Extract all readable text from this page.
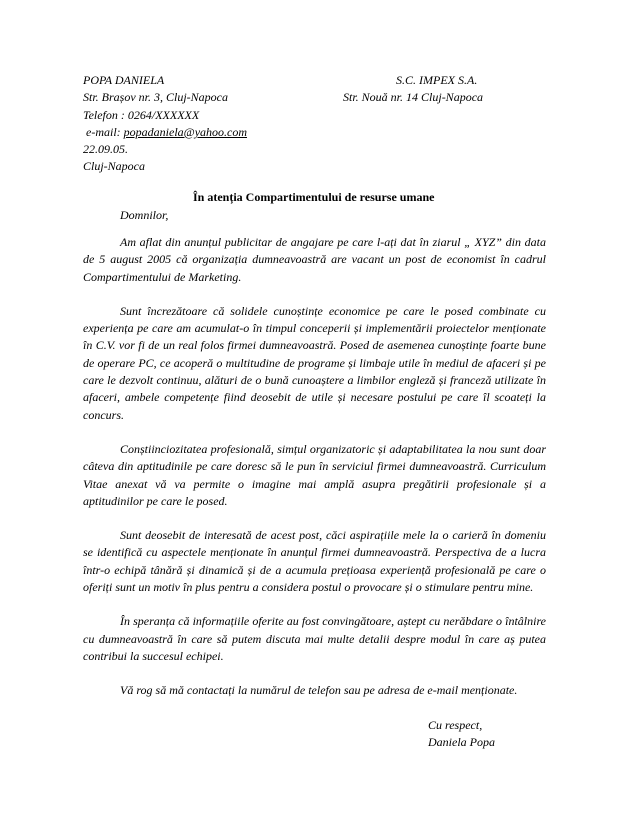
POPA DANIELA
Str. Brașov nr. 3, Cluj-Napoca
Telefon : 0264/XXXXXX
e-mail: popadaniela@yahoo.com
22.09.05.
Cluj-Napoca
S.C. IMPEX S.A.
Str. Nouă nr. 14 Cluj-Napoca
În atenția Compartimentului de resurse umane
Domnilor,

Am aflat din anunțul publicitar de angajare pe care l-ați dat în ziarul „ XYZ” din data de 5 august 2005 că organizația dumneavoastră are vacant un post de economist în cadrul Compartimentului de Marketing.

Sunt încrezătoare că solidele cunoștințe economice pe care le posed combinate cu experiența pe care am acumulat-o în timpul conceperii și implementării proiectelor menționate în C.V. vor fi de un real folos firmei dumneavoastră. Posed de asemenea cunoștințe foarte bune de operare PC, ce acoperă o multitudine de programe și limbaje utile în mediul de afaceri și pe care le dezvolt continuu, alături de o bună cunoaștere a limbilor engleză și franceză utilizate în afaceri, ambele competențe fiind deosebit de utile și necesare postului pe care îl scoateți la concurs.

Conștiinciozitatea profesională, simțul organizatoric și adaptabilitatea la nou sunt doar câteva din aptitudinile pe care doresc să le pun în serviciul firmei dumneavoastră. Curriculum Vitae anexat vă va permite o imagine mai amplă asupra pregătirii profesionale și a aptitudinilor pe care le posed.

Sunt deosebit de interesată de acest post, căci aspirațiile mele la o carieră în domeniu se identifică cu aspectele menționate în anunțul firmei dumneavoastră. Perspectiva de a lucra într-o echipă tânără și dinamică și de a acumula prețioasa experiență profesională pe care o oferiți sunt un motiv în plus pentru a considera postul o provocare și o stimulare pentru mine.

În speranța că informațiile oferite au fost convingătoare, aștept cu nerăbdare o întâlnire cu dumneavoastră în care să putem discuta mai multe detalii despre modul în care aș putea contribui la succesul echipei.

Vă rog să mă contactați la numărul de telefon sau pe adresa de e-mail menționate.

Cu respect,
Daniela Popa
